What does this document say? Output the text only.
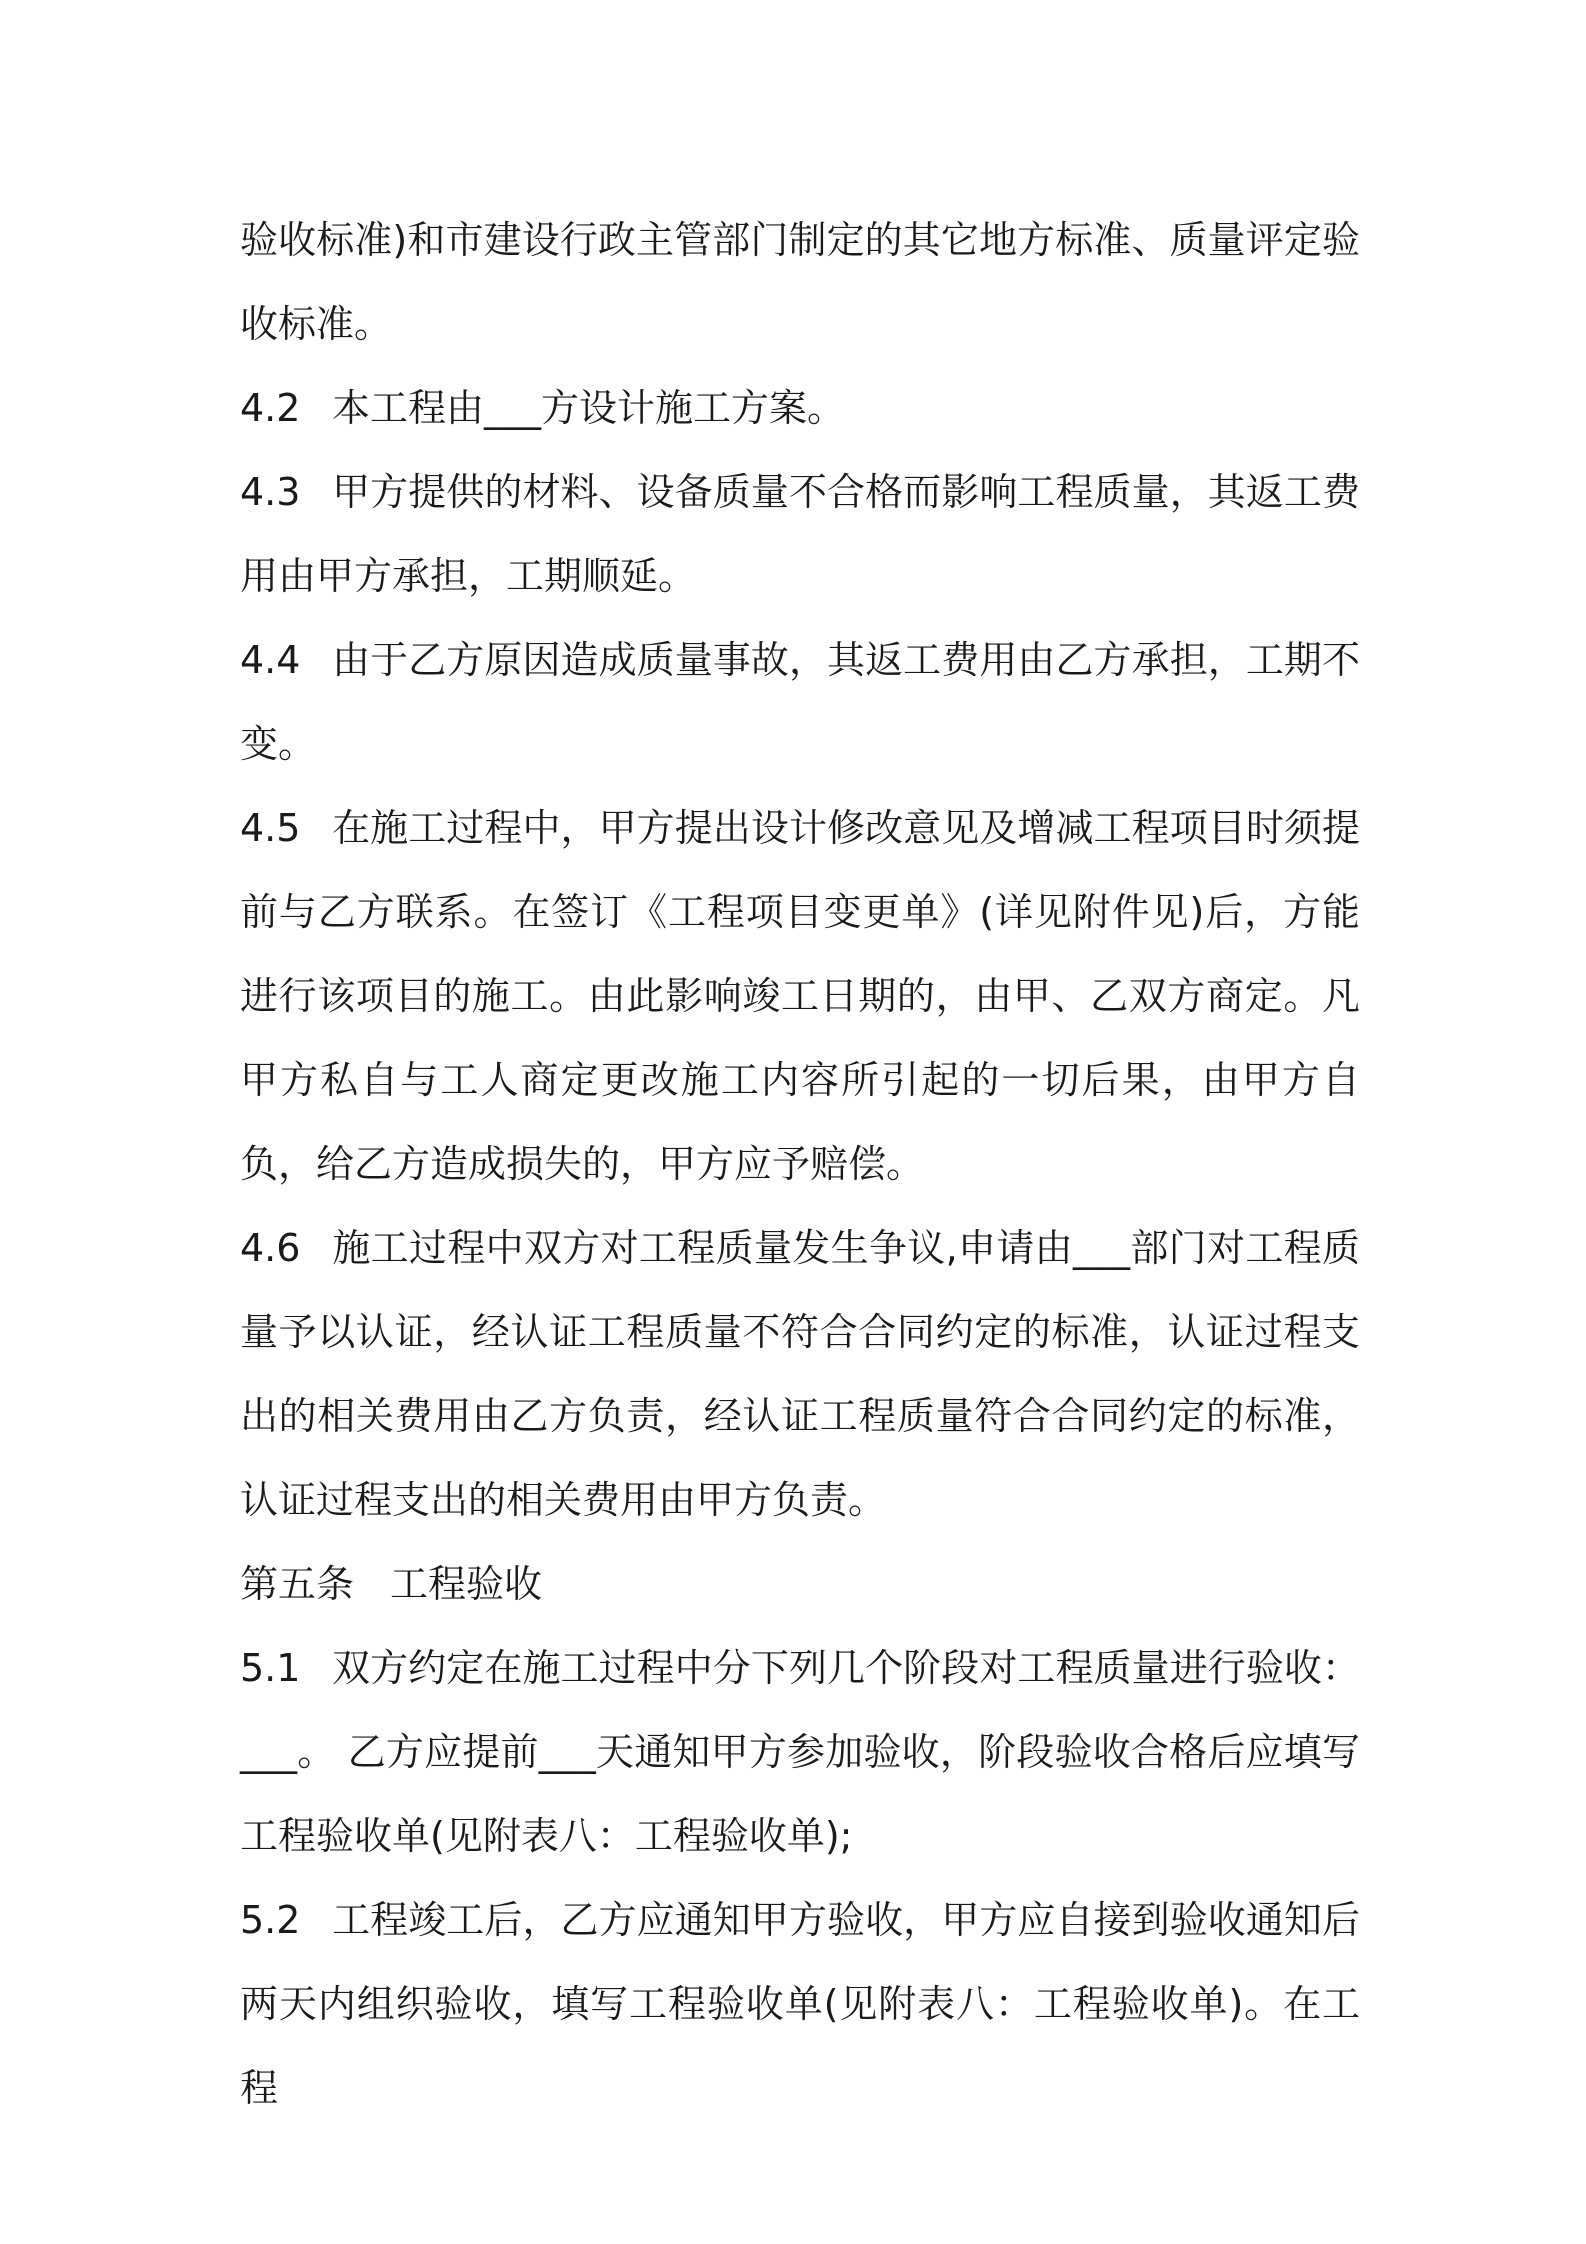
验收标准)和市建设行政主管部门制定的其它地方标准、质量评定验收标准。

4.2 本工程由___方设计施工方案。

4.3 甲方提供的材料、设备质量不合格而影响工程质量，其返工费用由甲方承担，工期顺延。

4.4 由于乙方原因造成质量事故，其返工费用由乙方承担，工期不变。

4.5 在施工过程中，甲方提出设计修改意见及增减工程项目时须提前与乙方联系。在签订《工程项目变更单》(详见附件见)后，方能进行该项目的施工。由此影响竣工日期的，由甲、乙双方商定。凡甲方私自与工人商定更改施工内容所引起的一切后果，由甲方自负，给乙方造成损失的，甲方应予赔偿。

4.6 施工过程中双方对工程质量发生争议,申请由___部门对工程质量予以认证，经认证工程质量不符合合同约定的标准，认证过程支出的相关费用由乙方负责，经认证工程质量符合合同约定的标准，认证过程支出的相关费用由甲方负责。

第五条 工程验收

5.1 双方约定在施工过程中分下列几个阶段对工程质量进行验收：___。 乙方应提前___天通知甲方参加验收，阶段验收合格后应填写工程验收单(见附表八：工程验收单);

5.2 工程竣工后，乙方应通知甲方验收，甲方应自接到验收通知后两天内组织验收，填写工程验收单(见附表八：工程验收单)。在工程
